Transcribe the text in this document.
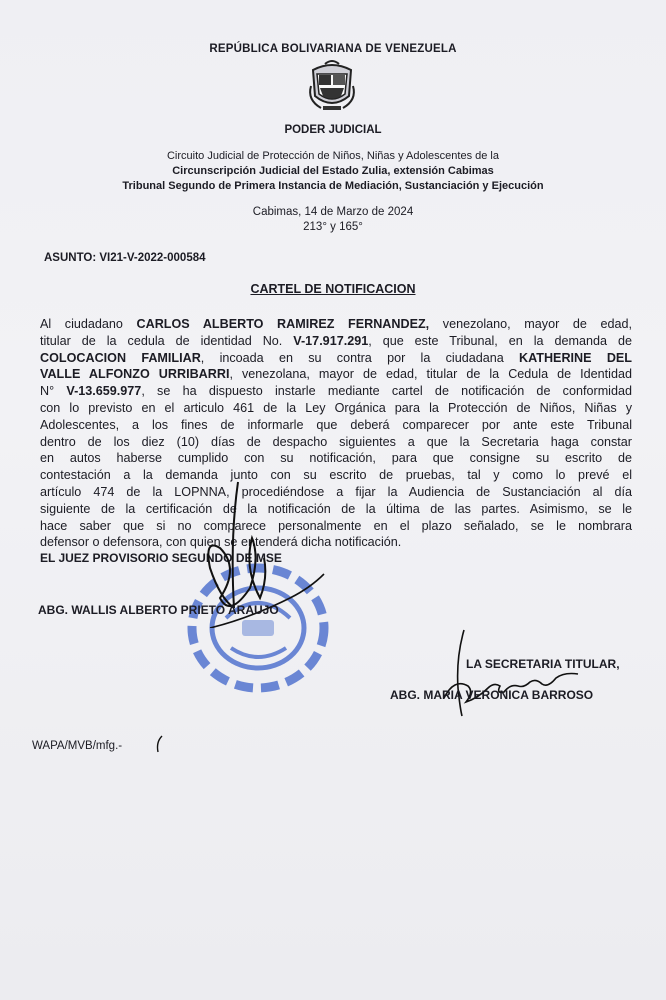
REPÚBLICA BOLIVARIANA DE VENEZUELA
PODER JUDICIAL
Circuito Judicial de Protección de Niños, Niñas y Adolescentes de la
Circunscripción Judicial del Estado Zulia, extensión Cabimas
Tribunal Segundo de Primera Instancia de Mediación, Sustanciación y Ejecución
Cabimas, 14 de Marzo de 2024
213° y 165°
ASUNTO: VI21-V-2022-000584
CARTEL DE NOTIFICACION
Al ciudadano CARLOS ALBERTO RAMIREZ FERNANDEZ, venezolano, mayor de edad,
titular de la cedula de identidad No. V-17.917.291, que este Tribunal, en la demanda de
COLOCACION FAMILIAR, incoada en su contra por la ciudadana KATHERINE DEL
VALLE ALFONZO URRIBARRI, venezolana, mayor de edad, titular de la Cedula de Identidad
N° V-13.659.977, se ha dispuesto instarle mediante cartel de notificación de conformidad
con lo previsto en el articulo 461 de la Ley Orgánica para la Protección de Niños, Niñas y
Adolescentes, a los fines de informarle que deberá comparecer por ante este Tribunal
dentro de los diez (10) días de despacho siguientes a que la Secretaria haga constar
en autos haberse cumplido con su notificación, para que consigne su escrito de
contestación a la demanda junto con su escrito de pruebas, tal y como lo prevé el
artículo 474 de la LOPNNA, procediéndose a fijar la Audiencia de Sustanciación al día
siguiente de la certificación de la notificación de la última de las partes. Asimismo, se le
hace saber que si no comparece personalmente en el plazo señalado, se le nombrara
defensor o defensora, con quien se entenderá dicha notificación.
EL JUEZ PROVISORIO SEGUNDO DE MSE
ABG. WALLIS ALBERTO PRIETO ARAUJO
LA SECRETARIA TITULAR,
ABG. MARIA VERONICA BARROSO
WAPA/MVB/mfg.-
